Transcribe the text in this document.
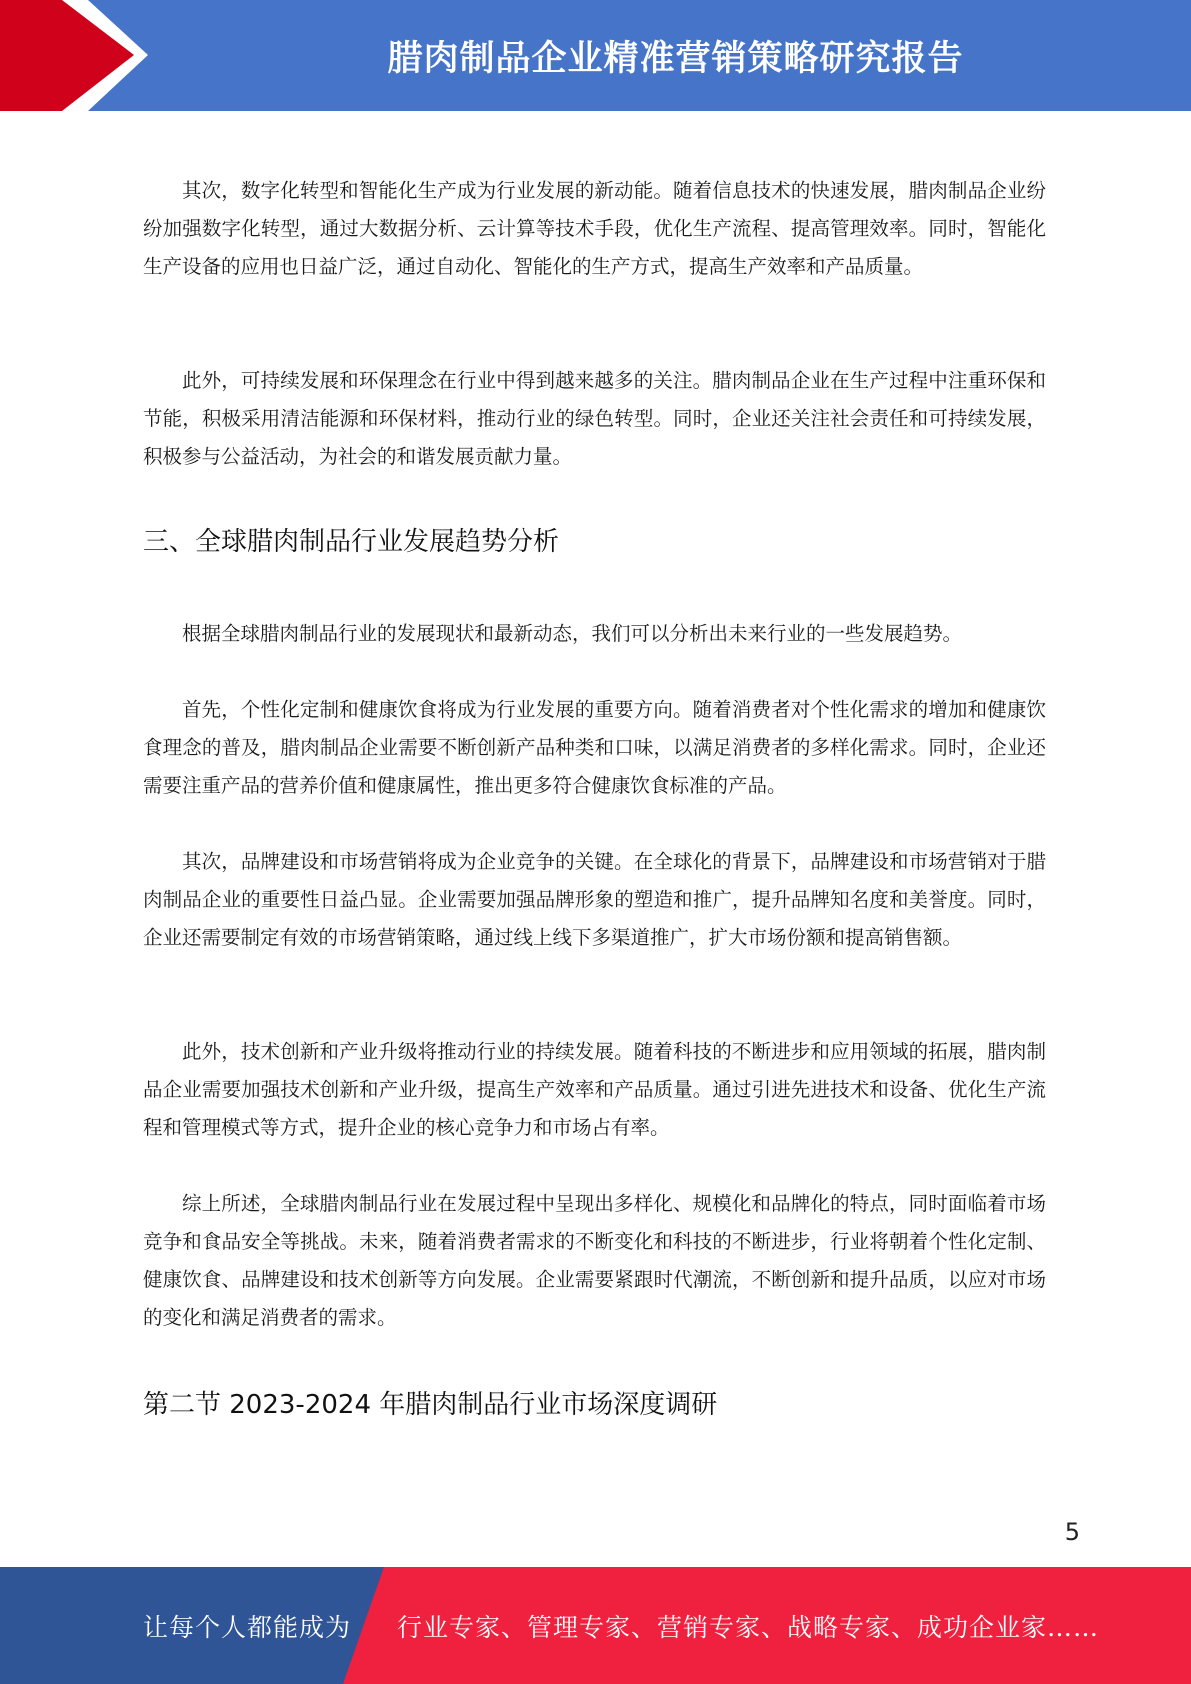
腊肉制品企业精准营销策略研究报告

其次，数字化转型和智能化生产成为行业发展的新动能。随着信息技术的快速发展，腊肉制品企业纷纷加强数字化转型，通过大数据分析、云计算等技术手段，优化生产流程、提高管理效率。同时，智能化生产设备的应用也日益广泛，通过自动化、智能化的生产方式，提高生产效率和产品质量。

此外，可持续发展和环保理念在行业中得到越来越多的关注。腊肉制品企业在生产过程中注重环保和节能，积极采用清洁能源和环保材料，推动行业的绿色转型。同时，企业还关注社会责任和可持续发展，积极参与公益活动，为社会的和谐发展贡献力量。

三、全球腊肉制品行业发展趋势分析

根据全球腊肉制品行业的发展现状和最新动态，我们可以分析出未来行业的一些发展趋势。

首先，个性化定制和健康饮食将成为行业发展的重要方向。随着消费者对个性化需求的增加和健康饮食理念的普及，腊肉制品企业需要不断创新产品种类和口味，以满足消费者的多样化需求。同时，企业还需要注重产品的营养价值和健康属性，推出更多符合健康饮食标准的产品。

其次，品牌建设和市场营销将成为企业竞争的关键。在全球化的背景下，品牌建设和市场营销对于腊肉制品企业的重要性日益凸显。企业需要加强品牌形象的塑造和推广，提升品牌知名度和美誉度。同时，企业还需要制定有效的市场营销策略，通过线上线下多渠道推广，扩大市场份额和提高销售额。

此外，技术创新和产业升级将推动行业的持续发展。随着科技的不断进步和应用领域的拓展，腊肉制品企业需要加强技术创新和产业升级，提高生产效率和产品质量。通过引进先进技术和设备、优化生产流程和管理模式等方式，提升企业的核心竞争力和市场占有率。

综上所述，全球腊肉制品行业在发展过程中呈现出多样化、规模化和品牌化的特点，同时面临着市场竞争和食品安全等挑战。未来，随着消费者需求的不断变化和科技的不断进步，行业将朝着个性化定制、健康饮食、品牌建设和技术创新等方向发展。企业需要紧跟时代潮流，不断创新和提升品质，以应对市场的变化和满足消费者的需求。

第二节 2023-2024 年腊肉制品行业市场深度调研
5
让每个人都能成为 行业专家、管理专家、营销专家、战略专家、成功企业家……
